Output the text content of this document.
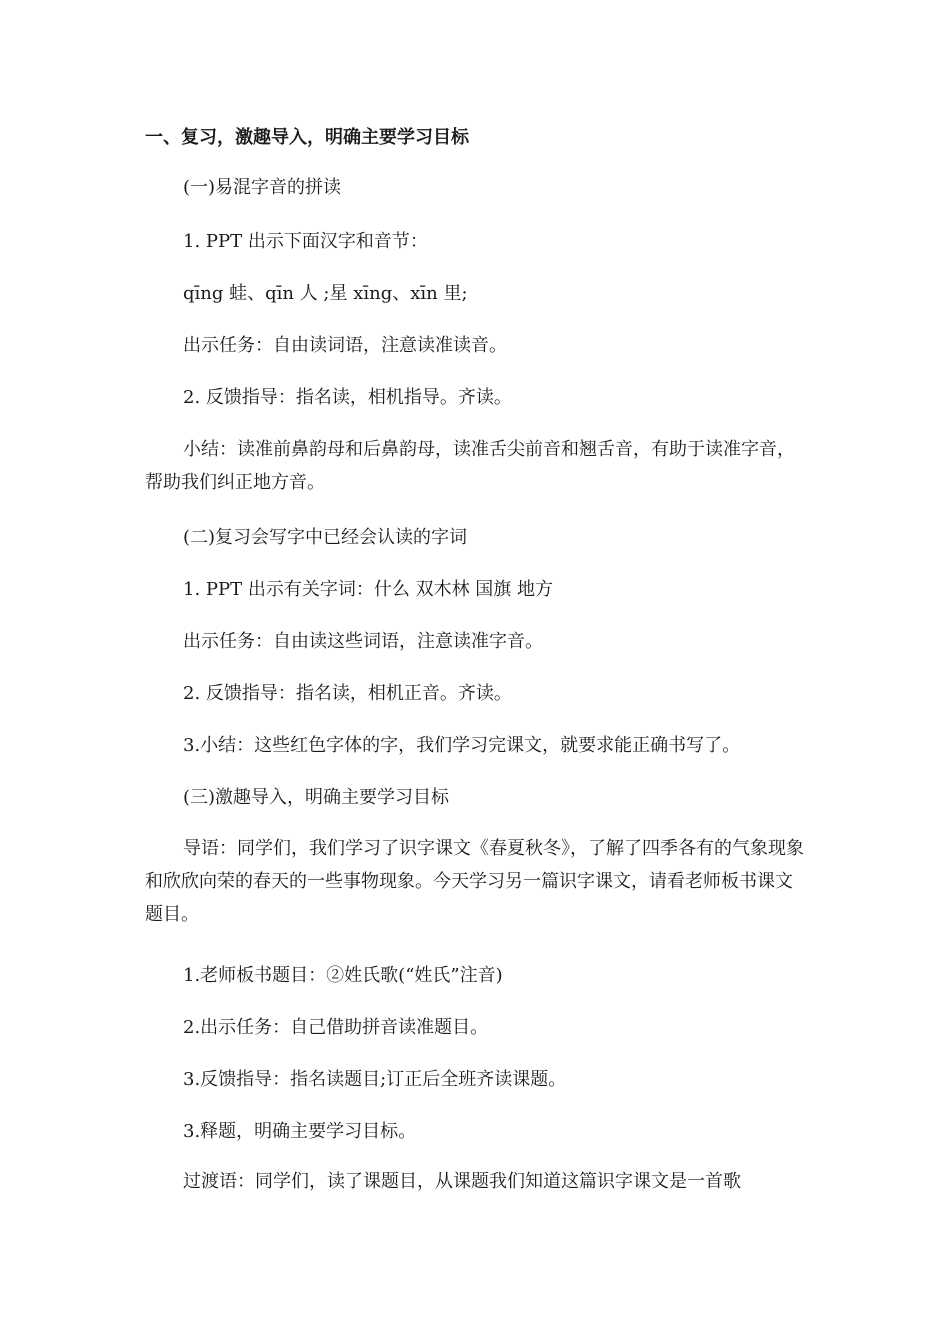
一、复习，激趣导入，明确主要学习目标
(一)易混字音的拼读
1. PPT 出示下面汉字和音节：
qīng 蛙、qīn 人 ;星 xīng、xīn 里;
出示任务：自由读词语，注意读准读音。
2. 反馈指导：指名读，相机指导。齐读。
小结：读准前鼻韵母和后鼻韵母，读准舌尖前音和翘舌音，有助于读准字音，帮助我们纠正地方音。
(二)复习会写字中已经会认读的字词
1. PPT 出示有关字词：什么 双木林 国旗 地方
出示任务：自由读这些词语，注意读准字音。
2. 反馈指导：指名读，相机正音。齐读。
3.小结：这些红色字体的字，我们学习完课文，就要求能正确书写了。
(三)激趣导入，明确主要学习目标
导语：同学们，我们学习了识字课文《春夏秋冬》，了解了四季各有的气象现象和欣欣向荣的春天的一些事物现象。今天学习另一篇识字课文，请看老师板书课文题目。
1.老师板书题目：②姓氏歌(“姓氏”注音)
2.出示任务：自己借助拼音读准题目。
3.反馈指导：指名读题目;订正后全班齐读课题。
3.释题，明确主要学习目标。
过渡语：同学们，读了课题目，从课题我们知道这篇识字课文是一首歌
